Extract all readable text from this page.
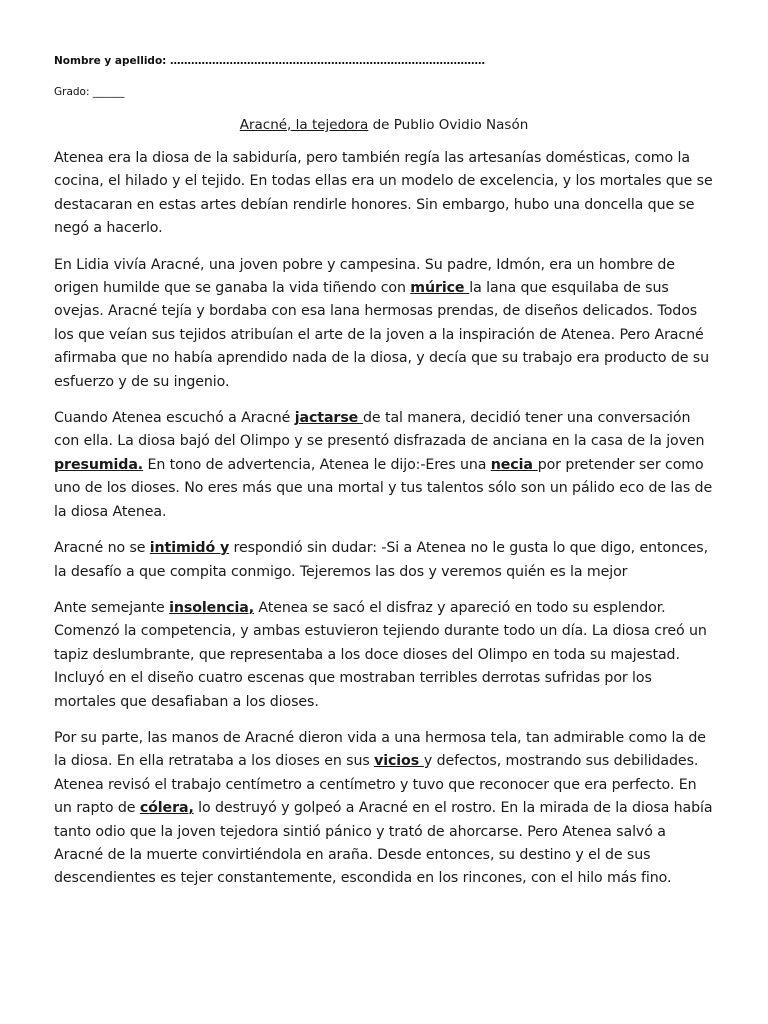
Nombre y apellido: ………………………………………………………………………………
Grado: ______
Aracné, la tejedora de Publio Ovidio Nasón

Atenea era la diosa de la sabiduría, pero también regía las artesanías domésticas, como la cocina, el hilado y el tejido. En todas ellas era un modelo de excelencia, y los mortales que se destacaran en estas artes debían rendirle honores. Sin embargo, hubo una doncella que se negó a hacerlo.

En Lidia vivía Aracné, una joven pobre y campesina. Su padre, Idmón, era un hombre de origen humilde que se ganaba la vida tiñendo con múrice la lana que esquilaba de sus ovejas. Aracné tejía y bordaba con esa lana hermosas prendas, de diseños delicados. Todos los que veían sus tejidos atribuían el arte de la joven a la inspiración de Atenea. Pero Aracné afirmaba que no había aprendido nada de la diosa, y decía que su trabajo era producto de su esfuerzo y de su ingenio.

Cuando Atenea escuchó a Aracné jactarse de tal manera, decidió tener una conversación con ella. La diosa bajó del Olimpo y se presentó disfrazada de anciana en la casa de la joven presumida. En tono de advertencia, Atenea le dijo:-Eres una necia por pretender ser como uno de los dioses. No eres más que una mortal y tus talentos sólo son un pálido eco de las de la diosa Atenea.

Aracné no se intimidó y respondió sin dudar: -Si a Atenea no le gusta lo que digo, entonces, la desafío a que compita conmigo. Tejeremos las dos y veremos quién es la mejor

Ante semejante insolencia, Atenea se sacó el disfraz y apareció en todo su esplendor. Comenzó la competencia, y ambas estuvieron tejiendo durante todo un día. La diosa creó un tapiz deslumbrante, que representaba a los doce dioses del Olimpo en toda su majestad. Incluyó en el diseño cuatro escenas que mostraban terribles derrotas sufridas por los mortales que desafiaban a los dioses.

Por su parte, las manos de Aracné dieron vida a una hermosa tela, tan admirable como la de la diosa. En ella retrataba a los dioses en sus vicios y defectos, mostrando sus debilidades. Atenea revisó el trabajo centímetro a centímetro y tuvo que reconocer que era perfecto. En un rapto de cólera, lo destruyó y golpeó a Aracné en el rostro. En la mirada de la diosa había tanto odio que la joven tejedora sintió pánico y trató de ahorcarse. Pero Atenea salvó a Aracné de la muerte convirtiéndola en araña. Desde entonces, su destino y el de sus descendientes es tejer constantemente, escondida en los rincones, con el hilo más fino.
